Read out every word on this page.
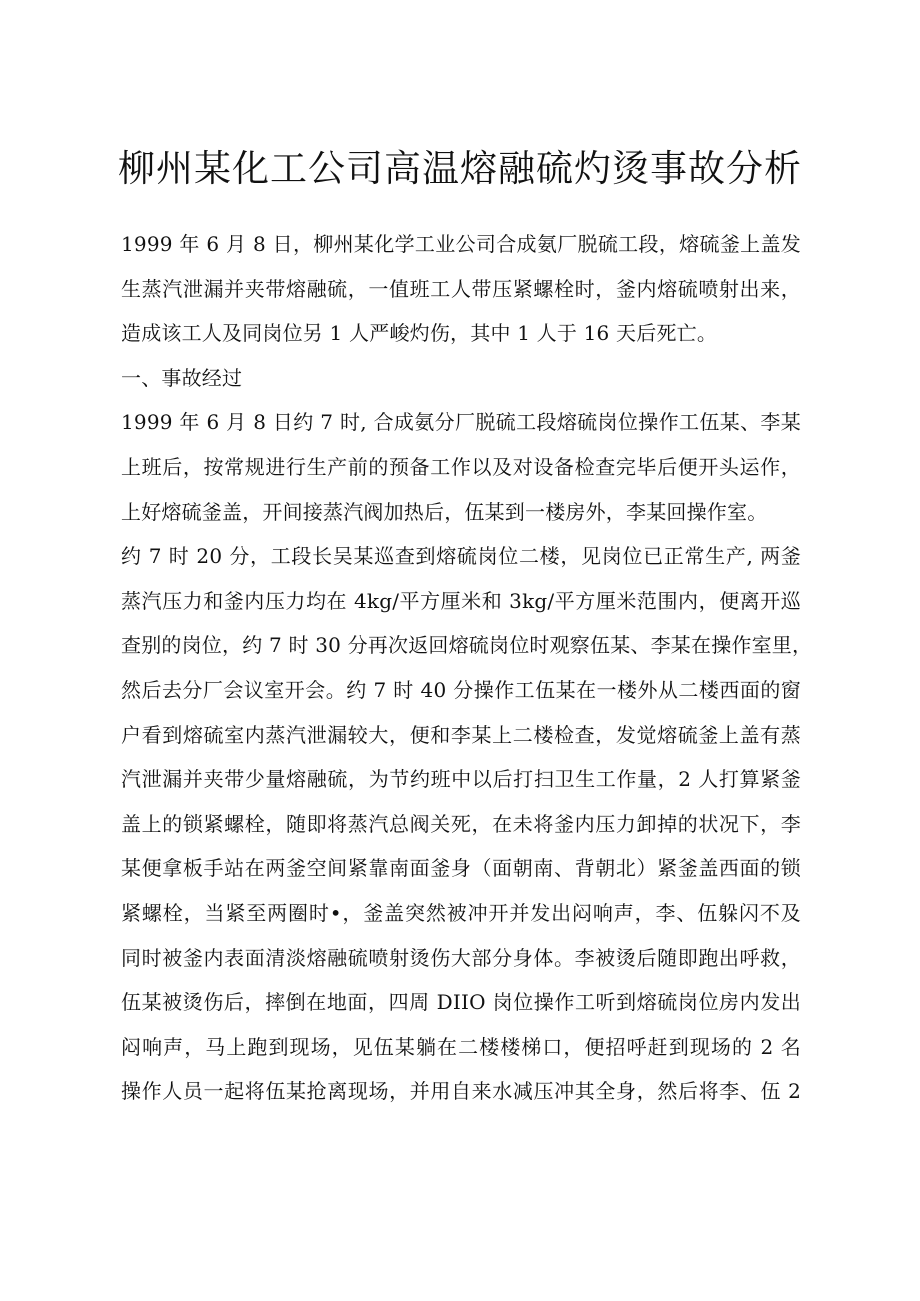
柳州某化工公司高温熔融硫灼烫事故分析
1999 年 6 月 8 日，柳州某化学工业公司合成氨厂脱硫工段，熔硫釜上盖发
生蒸汽泄漏并夹带熔融硫，一值班工人带压紧螺栓时，釜内熔硫喷射出来，
造成该工人及同岗位另 1 人严峻灼伤，其中 1 人于 16 天后死亡。
一、事故经过
1999 年 6 月 8 日约 7 时, 合成氨分厂脱硫工段熔硫岗位操作工伍某、李某
上班后，按常规进行生产前的预备工作以及对设备检查完毕后便开头运作，
上好熔硫釜盖，开间接蒸汽阀加热后，伍某到一楼房外，李某回操作室。
约 7 时 20 分，工段长吴某巡查到熔硫岗位二楼，见岗位已正常生产, 两釜
蒸汽压力和釜内压力均在 4kg/平方厘米和 3kg/平方厘米范围内，便离开巡
查别的岗位，约 7 时 30 分再次返回熔硫岗位时观察伍某、李某在操作室里，
然后去分厂会议室开会。约 7 时 40 分操作工伍某在一楼外从二楼西面的窗
户看到熔硫室内蒸汽泄漏较大，便和李某上二楼检查，发觉熔硫釜上盖有蒸
汽泄漏并夹带少量熔融硫，为节约班中以后打扫卫生工作量，2 人打算紧釜
盖上的锁紧螺栓，随即将蒸汽总阀关死，在未将釜内压力卸掉的状况下，李
某便拿板手站在两釜空间紧靠南面釜身（面朝南、背朝北）紧釜盖西面的锁
紧螺栓，当紧至两圈时•，釜盖突然被冲开并发出闷响声，李、伍躲闪不及
同时被釜内表面清淡熔融硫喷射烫伤大部分身体。李被烫后随即跑出呼救，
伍某被烫伤后，摔倒在地面，四周 DIIO 岗位操作工听到熔硫岗位房内发出
闷响声，马上跑到现场，见伍某躺在二楼楼梯口，便招呼赶到现场的 2 名
操作人员一起将伍某抢离现场，并用自来水减压冲其全身，然后将李、伍 2
